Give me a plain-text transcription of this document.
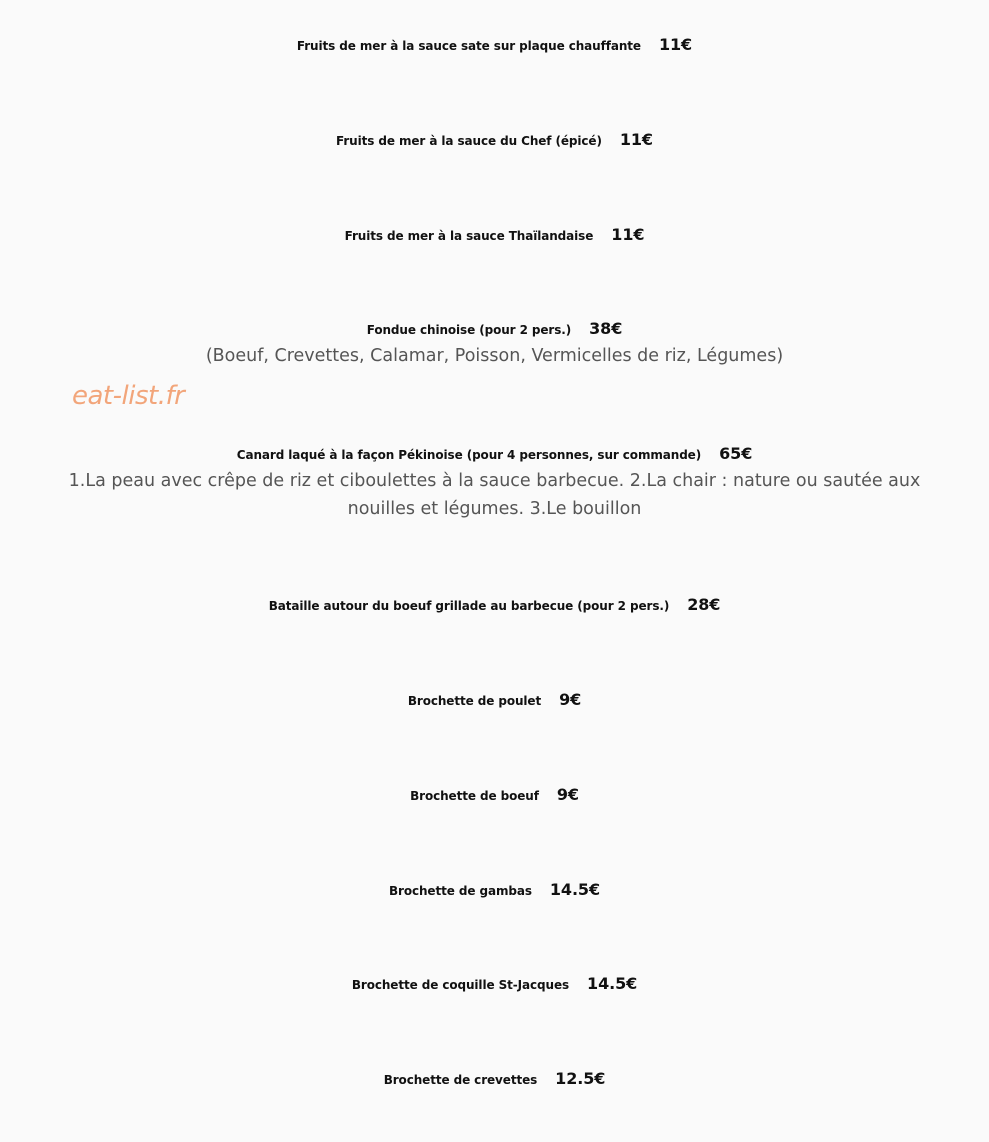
eat-list.fr
Fruits de mer à la sauce sate sur plaque chauffante 11€
Fruits de mer à la sauce du Chef (épicé) 11€
Fruits de mer à la sauce Thaïlandaise 11€
Fondue chinoise (pour 2 pers.) 38€
(Boeuf, Crevettes, Calamar, Poisson, Vermicelles de riz, Légumes)
Canard laqué à la façon Pékinoise (pour 4 personnes, sur commande) 65€
1.La peau avec crêpe de riz et ciboulettes à la sauce barbecue. 2.La chair : nature ou sautée aux nouilles et légumes. 3.Le bouillon
Bataille autour du boeuf grillade au barbecue (pour 2 pers.) 28€
Brochette de poulet 9€
Brochette de boeuf 9€
Brochette de gambas 14.5€
Brochette de coquille St-Jacques 14.5€
Brochette de crevettes 12.5€
